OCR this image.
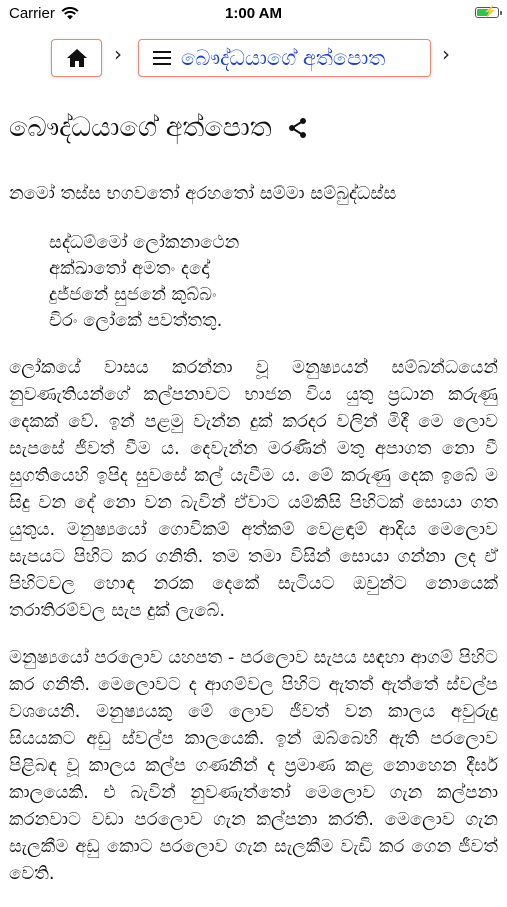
Carrier	1:00 AM	⚡
›	බෞද්ධයාගේ අත්පොත	›
බෞද්ධයාගේ අත්පොත
නමෝ තස්ස භගවතෝ අරහතෝ සම්මා සම්බුද්ධස්ස
සද්ධම්මෝ ලෝකනාථෙන
අක්ඛාතෝ අමතං දදෝ
දුජ්ජනේ සුජනේ කුබ්බං
චිරං ලෝකේ පවත්තතු.

ලෝකයේ වාසය කරන්නා වූ මනුෂ්‍යයන් සම්බන්ධයෙන් නුවණැතියන්ගේ කල්පනාවට භාජන විය යුතු ප්‍රධාන කරුණු දෙකක් වේ. ඉන් පළමු වැන්න දුක් කරදර වලින් මිදී මෙ ලොව සැපසේ ජීවත් වීම ය. දෙවැන්න මරණින් මතු අපාගත නො වී සුගතියෙහි ඉපිද සුවසේ කල් යැවීම ය. මේ කරුණු දෙක ඉබේ ම සිදු වන දේ නො වන බැවින් ඒවාට යම්කිසි පිහිටක් සොයා ගත යුතුය. මනුෂ්‍යයෝ ගොවිකම් අත්කම් වෙළඳාම් ආදිය මෙලොව සැපයට පිහිට කර ගනිති. තම තමා විසින් සොයා ගන්නා ලද ඒ පිහිටවල හොඳ නරක දෙකේ සැටියට ඔවුන්ට නොයෙක් තරාතිරම්වල සැප දුක් ලැබේ.

මනුෂ්‍යයෝ පරලොව යහපත - පරලොව සැපය සඳහා ආගම් පිහිට කර ගනිති. මෙලොවට ද ආගම්වල පිහිට ඇතත් ඇත්තේ ස්වල්ප වශයෙනි. මනුෂ්‍යයකු මේ ලොව ජීවත් වන කාලය අවුරුදු සියයකට අඩු ස්වල්ප කාලයෙකි. ඉන් ඔබ්බෙහි ඇති පරලොව පිළිබඳ වූ කාලය කල්ප ගණනින් ද ප්‍රමාණ කළ නොහෙන දීර්ඝ කාලයෙකි. එ බැවින් නුවණැත්තෝ මෙලොව ගැන කල්පනා කරනවාට වඩා පරලොව ගැන කල්පනා කරති. මෙලොව ගැන සැලකීම අඩු කොට පරලොව ගැන සැලකීම වැඩි කර ගෙන ජීවත් වෙති.
